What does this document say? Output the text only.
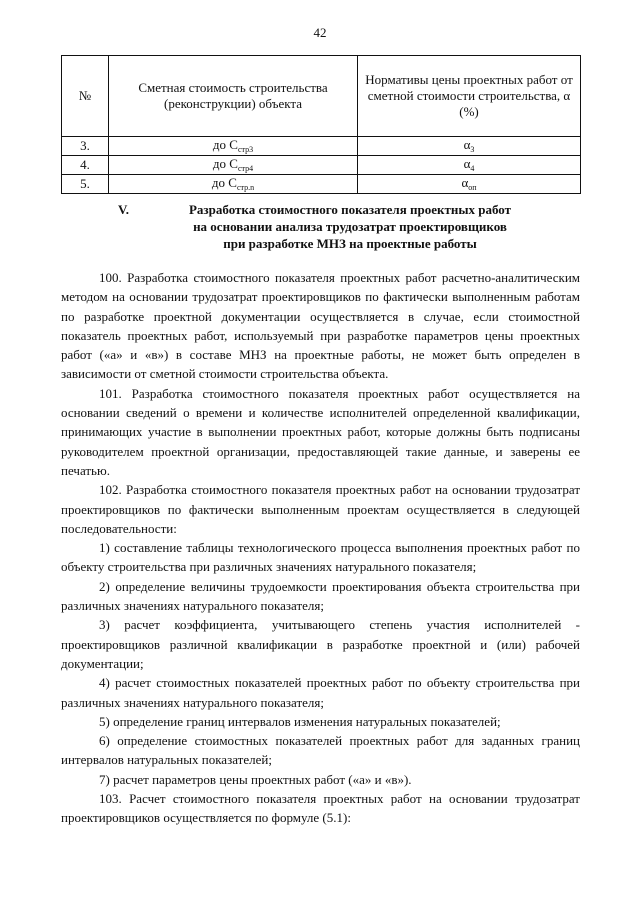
42
№	Сметная стоимость строительства (реконструкции) объекта	Нормативы цены проектных работ от сметной стоимости строительства, α (%)
3.	до $С_{стр3}$	$\alpha_3$
4.	до $С_{стр4}$	$\alpha_4$
5.	до $С_{стр.n}$	$\alpha_{оп}$
V.	Разработка стоимостного показателя проектных работ
на основании анализа трудозатрат проектировщиков
при разработке МНЗ на проектные работы

100. Разработка стоимостного показателя проектных работ расчетно-аналитическим методом на основании трудозатрат проектировщиков по фактически выполненным работам по разработке проектной документации осуществляется в случае, если стоимостной показатель проектных работ, используемый при разработке параметров цены проектных работ («а» и «в») в составе МНЗ на проектные работы, не может быть определен в зависимости от сметной стоимости строительства объекта.

101. Разработка стоимостного показателя проектных работ осуществляется на основании сведений о времени и количестве исполнителей определенной квалификации, принимающих участие в выполнении проектных работ, которые должны быть подписаны руководителем проектной организации, предоставляющей такие данные, и заверены ее печатью.

102. Разработка стоимостного показателя проектных работ на основании трудозатрат проектировщиков по фактически выполненным проектам осуществляется в следующей последовательности:

1) составление таблицы технологического процесса выполнения проектных работ по объекту строительства при различных значениях натурального показателя;

2) определение величины трудоемкости проектирования объекта строительства при различных значениях натурального показателя;

3) расчет коэффициента, учитывающего степень участия исполнителей - проектировщиков различной квалификации в разработке проектной и (или) рабочей документации;

4) расчет стоимостных показателей проектных работ по объекту строительства при различных значениях натурального показателя;

5) определение границ интервалов изменения натуральных показателей;

6) определение стоимостных показателей проектных работ для заданных границ интервалов натуральных показателей;

7) расчет параметров цены проектных работ («а» и «в»).

103. Расчет стоимостного показателя проектных работ на основании трудозатрат проектировщиков осуществляется по формуле (5.1):
